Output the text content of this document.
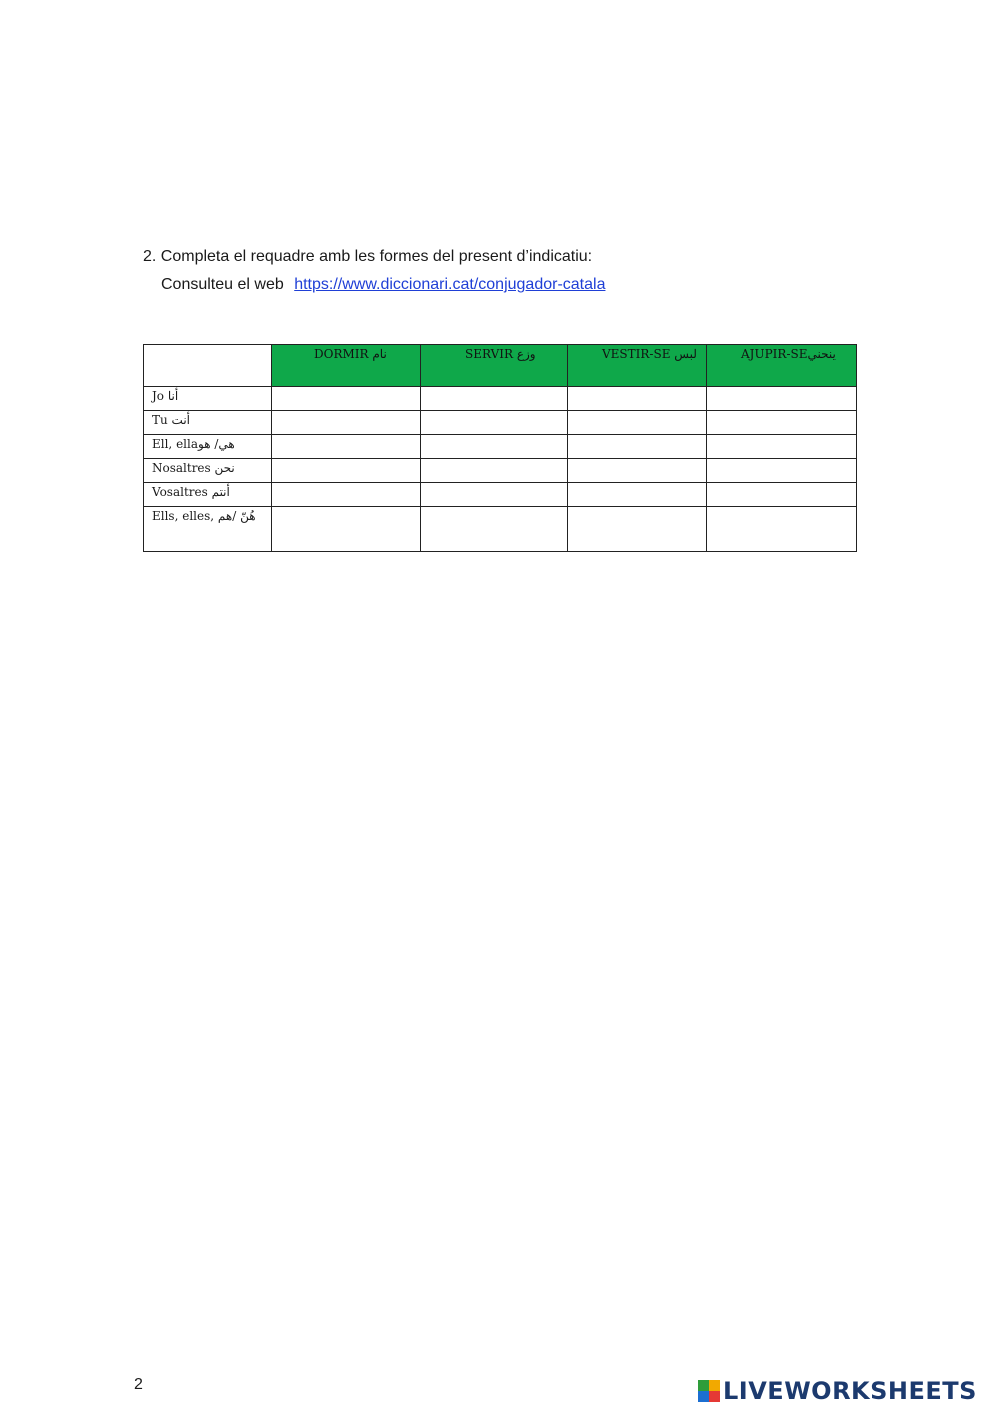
2. Completa el requadre amb les formes del present d’indicatiu:
Consulteu el web https://www.diccionari.cat/conjugador-catala
	DORMIR نام	SERVIR وزع	VESTIR-SE لبس	AJUPIR-SEينحني
Jo أنا				
Tu أنت				
Ell, ellaهي/ هو				
Nosaltres نحن				
Vosaltres أنتم				
Ells, elles, هُنّ /هم				
2	LIVEWORKSHEETS
